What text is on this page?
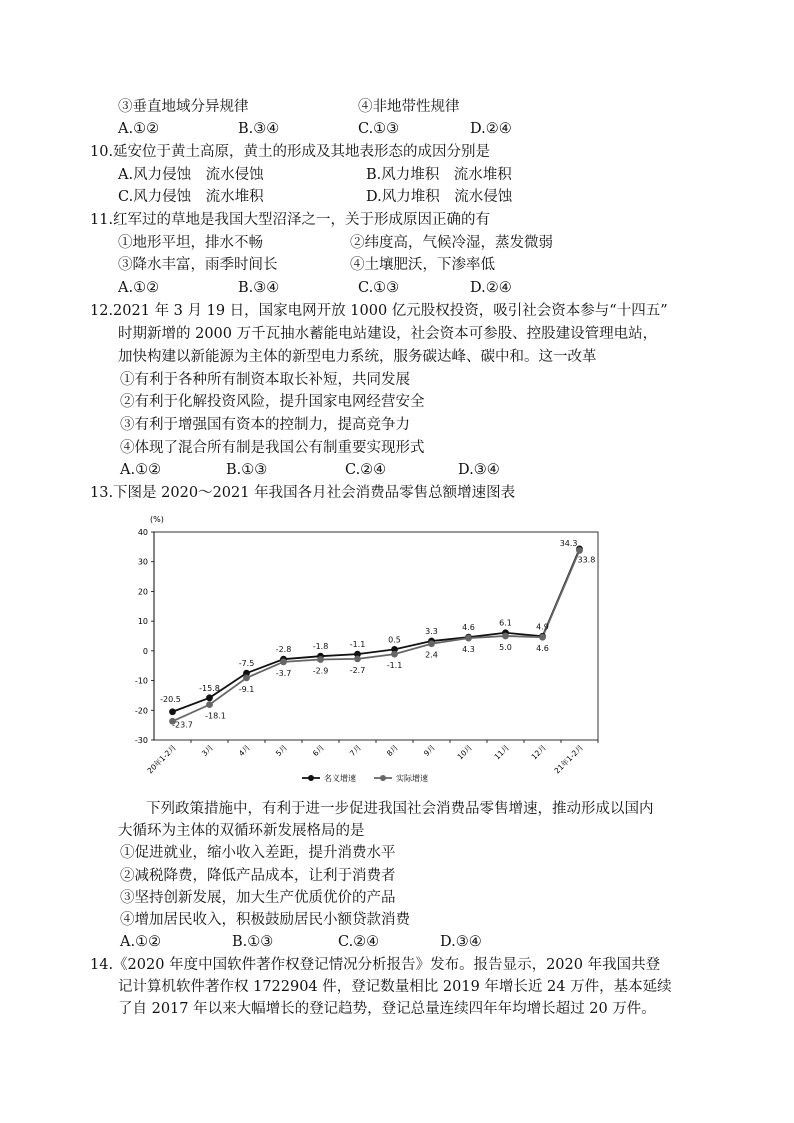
③垂直地域分异规律	④非地带性规律
A.①②	B.③④	C.①③	D.②④
10.延安位于黄土高原，黄土的形成及其地表形态的成因分别是
A.风力侵蚀　流水侵蚀	B.风力堆积　流水堆积
C.风力侵蚀　流水堆积	D.风力堆积　流水侵蚀
11.红军过的草地是我国大型沼泽之一，关于形成原因正确的有
①地形平坦，排水不畅	②纬度高，气候冷湿，蒸发微弱
③降水丰富，雨季时间长	④土壤肥沃，下渗率低
A.①②	B.③④	C.①③	D.②④
12.2021 年 3 月 19 日，国家电网开放 1000 亿元股权投资，吸引社会资本参与“十四五”
时期新增的 2000 万千瓦抽水蓄能电站建设，社会资本可参股、控股建设管理电站，
加快构建以新能源为主体的新型电力系统，服务碳达峰、碳中和。这一改革
①有利于各种所有制资本取长补短，共同发展
②有利于化解投资风险，提升国家电网经营安全
③有利于增强国有资本的控制力，提高竞争力
④体现了混合所有制是我国公有制重要实现形式
A.①②	B.①③	C.②④	D.③④
13.下图是 2020～2021 年我国各月社会消费品零售总额增速图表
(%)
40
30
20
10
0
-10
-20
-30
20年1-2月	3月	4月	5月	6月	7月	8月	9月 10月 11月 12月 21年1-2月
-20.5
-15.8
-7.5
-2.8	-1.8	-1.1
0.5
3.3	4.6	6.1	4.9
34.3
-23.7
-18.1
-9.1
-3.7	-2.9	-2.7
-1.1
2.4
4.3	5.0	4.6
33.8
名义增速	实际增速
下列政策措施中，有利于进一步促进我国社会消费品零售增速，推动形成以国内
大循环为主体的双循环新发展格局的是
①促进就业，缩小收入差距，提升消费水平
②减税降费，降低产品成本，让利于消费者
③坚持创新发展，加大生产优质优价的产品
④增加居民收入，积极鼓励居民小额贷款消费
A.①②	B.①③	C.②④	D.③④
14.《2020 年度中国软件著作权登记情况分析报告》发布。报告显示，2020 年我国共登
记计算机软件著作权 1722904 件，登记数量相比 2019 年增长近 24 万件，基本延续
了自 2017 年以来大幅增长的登记趋势，登记总量连续四年年均增长超过 20 万件。
